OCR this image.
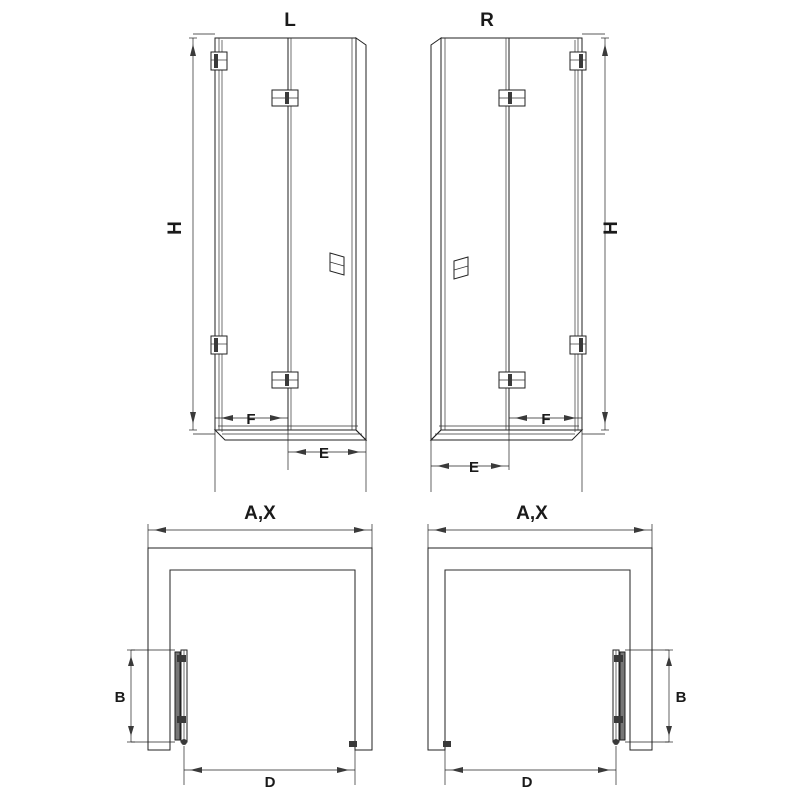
H
F
E
L
H
E
F
R
A,X
B
D
A,X
B
D
